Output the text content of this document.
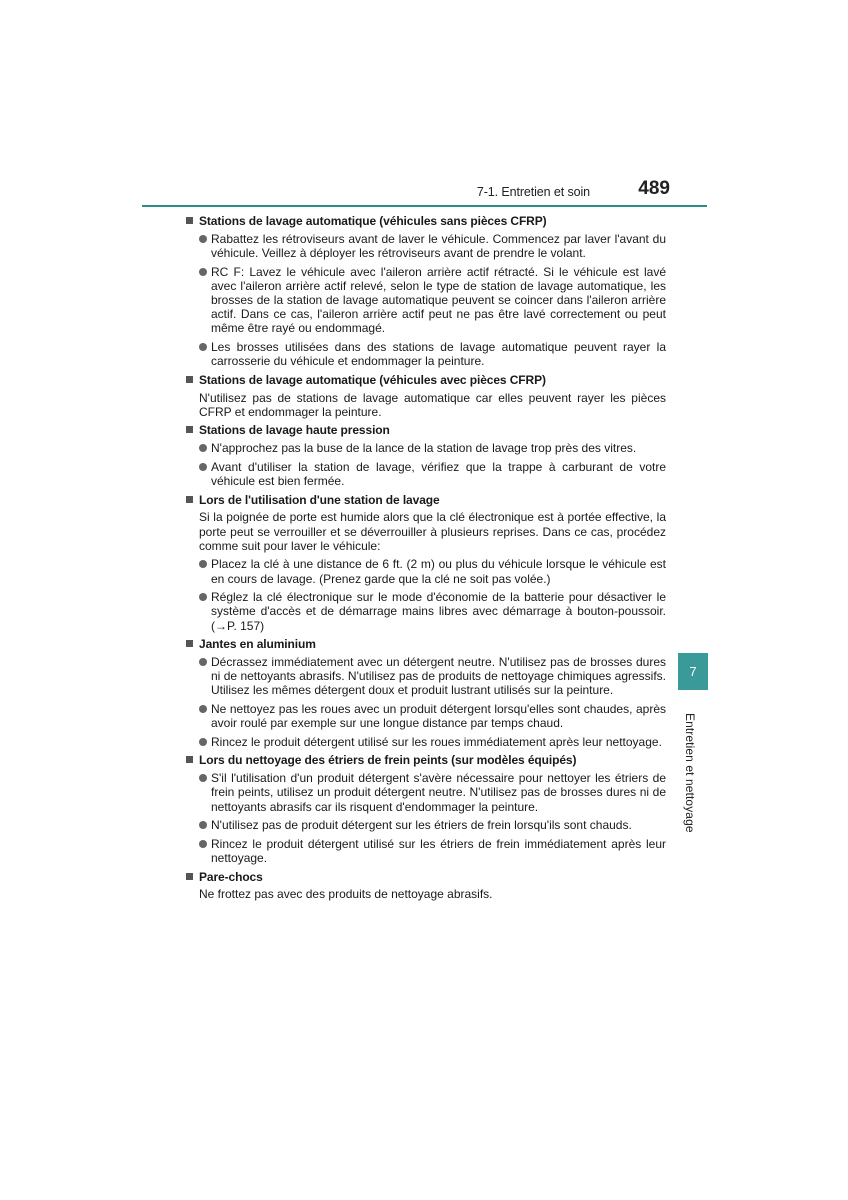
7-1. Entretien et soin	489
7
Entretien et nettoyage
Stations de lavage automatique (véhicules sans pièces CFRP)
Rabattez les rétroviseurs avant de laver le véhicule. Commencez par laver l'avant du véhicule. Veillez à déployer les rétroviseurs avant de prendre le volant.
RC F: Lavez le véhicule avec l'aileron arrière actif rétracté. Si le véhicule est lavé avec l'aileron arrière actif relevé, selon le type de station de lavage automatique, les brosses de la station de lavage automatique peuvent se coincer dans l'aileron arrière actif. Dans ce cas, l'aileron arrière actif peut ne pas être lavé correctement ou peut même être rayé ou endommagé.
Les brosses utilisées dans des stations de lavage automatique peuvent rayer la carrosserie du véhicule et endommager la peinture.
Stations de lavage automatique (véhicules avec pièces CFRP)
N'utilisez pas de stations de lavage automatique car elles peuvent rayer les pièces CFRP et endommager la peinture.
Stations de lavage haute pression
N'approchez pas la buse de la lance de la station de lavage trop près des vitres.
Avant d'utiliser la station de lavage, vérifiez que la trappe à carburant de votre véhicule est bien fermée.
Lors de l'utilisation d'une station de lavage
Si la poignée de porte est humide alors que la clé électronique est à portée effective, la porte peut se verrouiller et se déverrouiller à plusieurs reprises. Dans ce cas, procédez comme suit pour laver le véhicule:
Placez la clé à une distance de 6 ft. (2 m) ou plus du véhicule lorsque le véhicule est en cours de lavage. (Prenez garde que la clé ne soit pas volée.)
Réglez la clé électronique sur le mode d'économie de la batterie pour désactiver le système d'accès et de démarrage mains libres avec démarrage à bouton-poussoir. (→P. 157)
Jantes en aluminium
Décrassez immédiatement avec un détergent neutre. N'utilisez pas de brosses dures ni de nettoyants abrasifs. N'utilisez pas de produits de nettoyage chimiques agressifs. Utilisez les mêmes détergent doux et produit lustrant utilisés sur la peinture.
Ne nettoyez pas les roues avec un produit détergent lorsqu'elles sont chaudes, après avoir roulé par exemple sur une longue distance par temps chaud.
Rincez le produit détergent utilisé sur les roues immédiatement après leur nettoyage.
Lors du nettoyage des étriers de frein peints (sur modèles équipés)
S'il l'utilisation d'un produit détergent s'avère nécessaire pour nettoyer les étriers de frein peints, utilisez un produit détergent neutre. N'utilisez pas de brosses dures ni de nettoyants abrasifs car ils risquent d'endommager la peinture.
N'utilisez pas de produit détergent sur les étriers de frein lorsqu'ils sont chauds.
Rincez le produit détergent utilisé sur les étriers de frein immédiatement après leur nettoyage.
Pare-chocs
Ne frottez pas avec des produits de nettoyage abrasifs.
